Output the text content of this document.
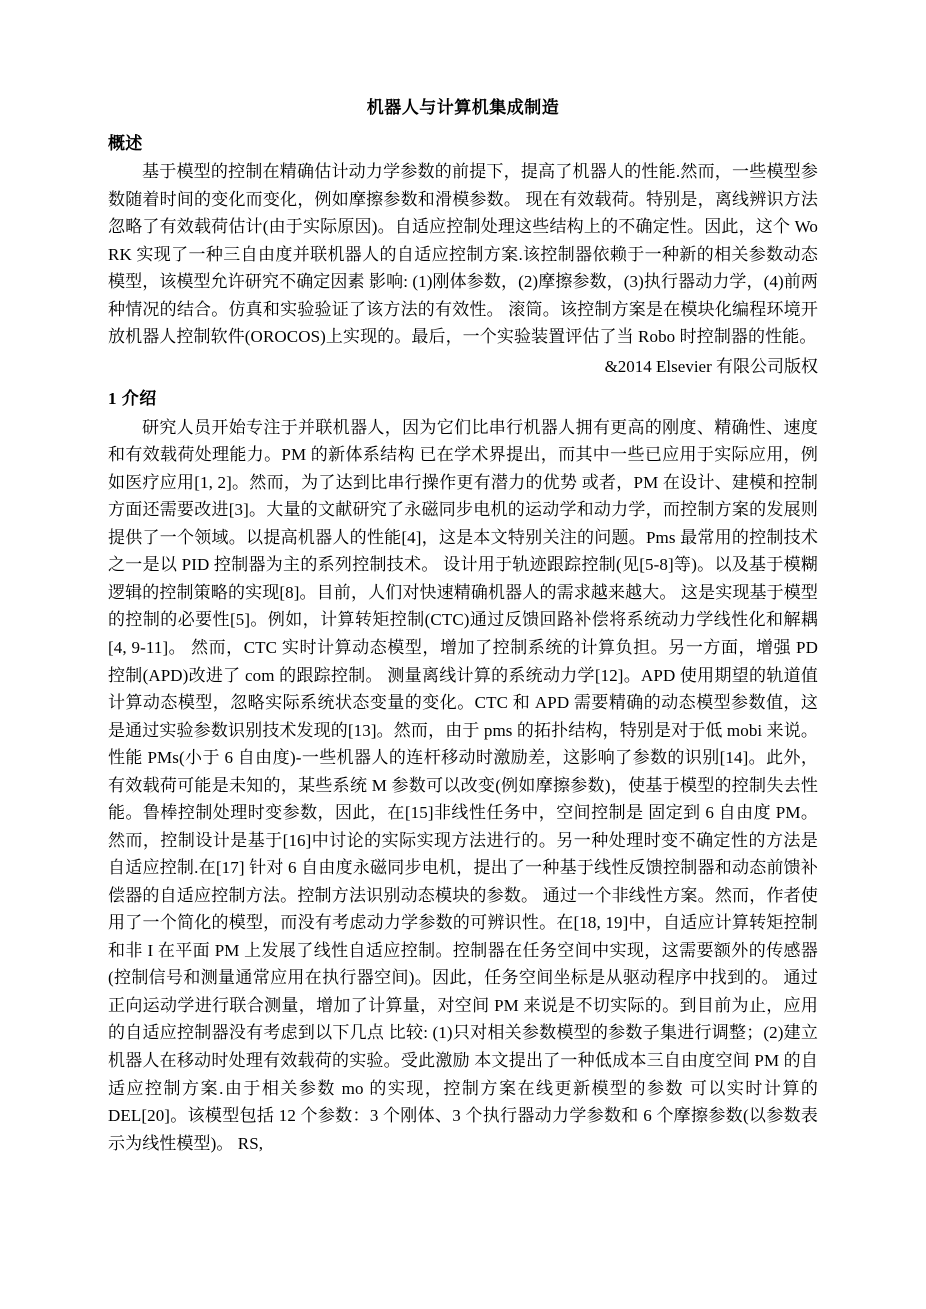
机器人与计算机集成制造
概述

基于模型的控制在精确估计动力学参数的前提下，提高了机器人的性能.然而，一些模型参数随着时间的变化而变化，例如摩擦参数和滑模参数。 现在有效载荷。特别是，离线辨识方法忽略了有效载荷估计(由于实际原因)。自适应控制处理这些结构上的不确定性。因此，这个 Wo RK 实现了一种三自由度并联机器人的自适应控制方案.该控制器依赖于一种新的相关参数动态模型，该模型允许研究不确定因素 影响: (1)刚体参数，(2)摩擦参数，(3)执行器动力学，(4)前两种情况的结合。仿真和实验验证了该方法的有效性。 滚筒。该控制方案是在模块化编程环境开放机器人控制软件(OROCOS)上实现的。最后，一个实验装置评估了当 Robo 时控制器的性能。

&2014 Elsevier 有限公司版权
1 介绍

研究人员开始专注于并联机器人，因为它们比串行机器人拥有更高的刚度、精确性、速度和有效载荷处理能力。PM 的新体系结构 已在学术界提出，而其中一些已应用于实际应用，例如医疗应用[1, 2]。然而，为了达到比串行操作更有潜力的优势 或者，PM 在设计、建模和控制方面还需要改进[3]。大量的文献研究了永磁同步电机的运动学和动力学，而控制方案的发展则提供了一个领域。以提高机器人的性能[4]，这是本文特别关注的问题。Pms 最常用的控制技术之一是以 PID 控制器为主的系列控制技术。 设计用于轨迹跟踪控制(见[5-8]等)。以及基于模糊逻辑的控制策略的实现[8]。目前，人们对快速精确机器人的需求越来越大。 这是实现基于模型的控制的必要性[5]。例如，计算转矩控制(CTC)通过反馈回路补偿将系统动力学线性化和解耦[4, 9-11]。 然而，CTC 实时计算动态模型，增加了控制系统的计算负担。另一方面，增强 PD 控制(APD)改进了 com 的跟踪控制。 测量离线计算的系统动力学[12]。APD 使用期望的轨道值计算动态模型，忽略实际系统状态变量的变化。CTC 和 APD 需要精确的动态模型参数值，这是通过实验参数识别技术发现的[13]。然而，由于 pms 的拓扑结构，特别是对于低 mobi 来说。 性能 PMs(小于 6 自由度)-一些机器人的连杆移动时激励差，这影响了参数的识别[14]。此外，有效载荷可能是未知的，某些系统 M 参数可以改变(例如摩擦参数)，使基于模型的控制失去性能。鲁棒控制处理时变参数，因此，在[15]非线性任务中，空间控制是 固定到 6 自由度 PM。然而，控制设计是基于[16]中讨论的实际实现方法进行的。另一种处理时变不确定性的方法是自适应控制.在[17] 针对 6 自由度永磁同步电机，提出了一种基于线性反馈控制器和动态前馈补偿器的自适应控制方法。控制方法识别动态模块的参数。 通过一个非线性方案。然而，作者使用了一个简化的模型，而没有考虑动力学参数的可辨识性。在[18, 19]中，自适应计算转矩控制和非 I 在平面 PM 上发展了线性自适应控制。控制器在任务空间中实现，这需要额外的传感器(控制信号和测量通常应用在执行器空间)。因此，任务空间坐标是从驱动程序中找到的。 通过正向运动学进行联合测量，增加了计算量，对空间 PM 来说是不切实际的。到目前为止，应用的自适应控制器没有考虑到以下几点 比较: (1)只对相关参数模型的参数子集进行调整；(2)建立机器人在移动时处理有效载荷的实验。受此激励 本文提出了一种低成本三自由度空间 PM 的自适应控制方案.由于相关参数 mo 的实现，控制方案在线更新模型的参数 可以实时计算的 DEL[20]。该模型包括 12 个参数：3 个刚体、3 个执行器动力学参数和 6 个摩擦参数(以参数表示为线性模型)。 RS,
